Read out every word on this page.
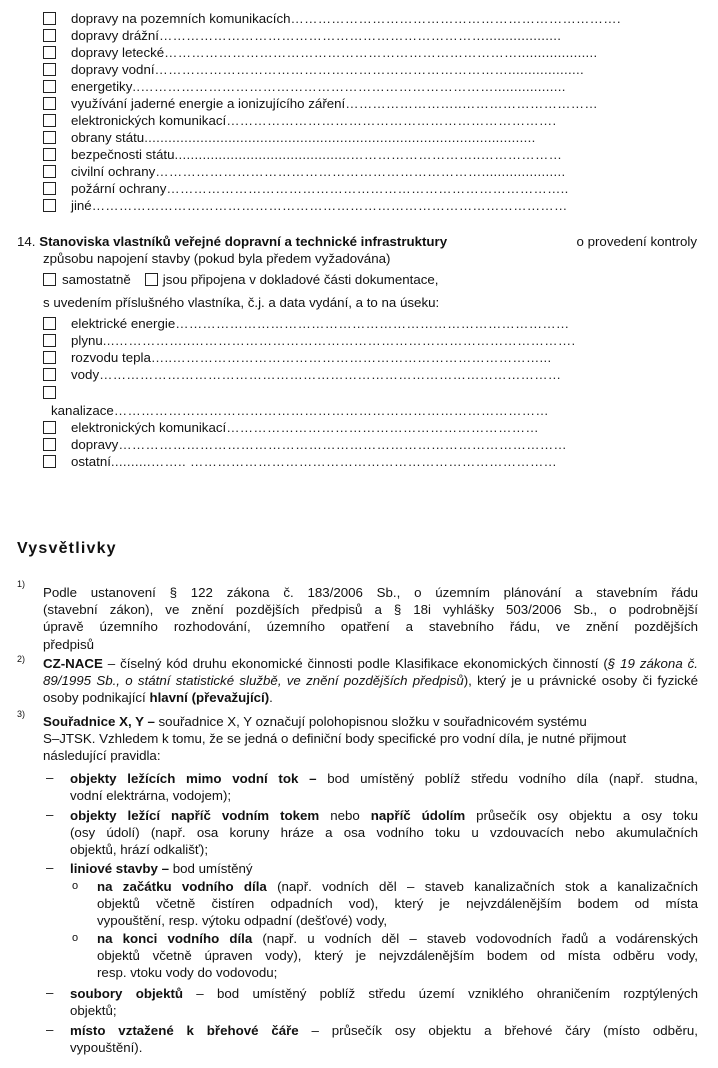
dopravy na pozemních komunikacích ……………………………………………………………….
dopravy drážní ………………………………………………………………...................
dopravy letecké ……………………………………………………………………....................
dopravy vodní ……………………………………………………………………...................
energetiky ..……………………………………………………………………..................
využívání jaderné energie a ionizujícího záření ……………………..…………………………
elektronických komunikací ……………………………………………………………….
obrany státu ..................................................................................................
bezpečnosti státu ............................................………………………..………………
civilní ochrany ……………………………………………………………….....................
požární ochrany ……………………………………………………………………………..
jiné ……………………………………………………………………………………………
14. Stanoviska vlastníků veřejné dopravní a technické infrastruktury	o provedení kontroly
způsobu napojení stavby (pokud byla předem vyžadována)
samostatně jsou připojena v dokladové části dokumentace,
s uvedením příslušného vlastníka, č.j. a data vydání, a to na úseku:
elektrické energie ……………………………………………………………………………
plynu ...……………..………………………………………………………………………….
rozvodu tepla …..………………………………………………………………………...
vody …………………………………………………………………………………………
kanalizace……………………………………………………………………………………
elektronických komunikací ……………………………………………………………
dopravy ………………………………………………………………………………………
ostatní ..........…….. ………………………………………………………………………
Vysvětlivky
1)
Podle ustanovení § 122 zákona č. 183/2006 Sb., o územním plánování a stavebním řádu
(stavební zákon), ve znění pozdějších předpisů a § 18i vyhlášky 503/2006 Sb., o podrobnější
úpravě územního rozhodování, územního opatření a stavebního řádu, ve znění pozdějších
předpisů
2) CZ-NACE – číselný kód druhu ekonomické činnosti podle Klasifikace ekonomických činností (§ 19 zákona č. 89/1995 Sb., o státní statistické službě, ve znění pozdějších předpisů), který je u právnické osoby či fyzické osoby podnikající hlavní (převažující).
3) Souřadnice X, Y – souřadnice X, Y označují polohopisnou složku v souřadnicovém systému
S–JTSK. Vzhledem k tomu, že se jedná o definiční body specifické pro vodní díla, je nutné přijmout
následující pravidla:
– objekty ležících mimo vodní tok – bod umístěný poblíž středu vodního díla (např. studna,
vodní elektrárna, vodojem);
– objekty ležící napříč vodním tokem nebo napříč údolím průsečík osy objektu a osy toku
(osy údolí) (např. osa koruny hráze a osa vodního toku u vzdouvacích nebo akumulačních
objektů, hrází odkališť);
– liniové stavby – bod umístěný
o na začátku vodního díla (např. vodních děl – staveb kanalizačních stok a kanalizačních
objektů včetně čistíren odpadních vod), který je nejvzdálenějším bodem od místa
vypouštění, resp. výtoku odpadní (dešťové) vody,
o na konci vodního díla (např. u vodních děl – staveb vodovodních řadů a vodárenských
objektů včetně úpraven vody), který je nejvzdálenějším bodem od místa odběru vody,
resp. vtoku vody do vodovodu;
– soubory objektů – bod umístěný poblíž středu území vzniklého ohraničením rozptýlených
objektů;
– místo vztažené k břehové čáře – průsečík osy objektu a břehové čáry (místo odběru,
vypouštění).
